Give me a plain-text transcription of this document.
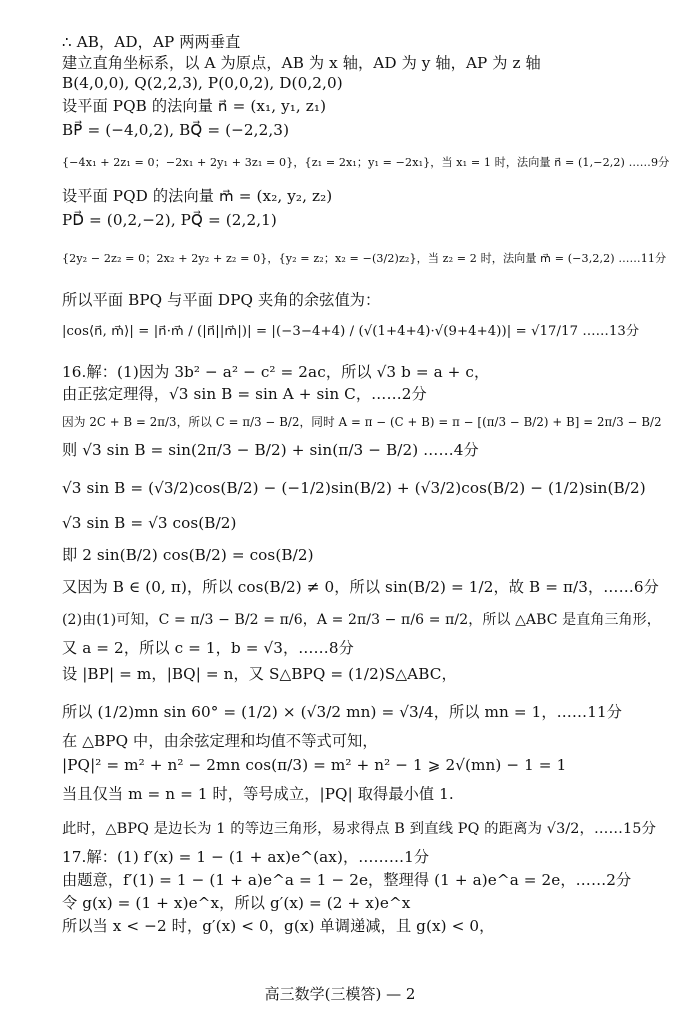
∴ AB，AD，AP 两两垂直
建立直角坐标系，以 A 为原点，AB 为 x 轴，AD 为 y 轴，AP 为 z 轴
B(4,0,0), Q(2,2,3), P(0,0,2), D(0,2,0)
设平面 PQB 的法向量 n⃗ = (x₁, y₁, z₁)
BP⃗ = (−4,0,2), BQ⃗ = (−2,2,3)
{−4x₁ + 2z₁ = 0；−2x₁ + 2y₁ + 3z₁ = 0}，{z₁ = 2x₁；y₁ = −2x₁}，当 x₁ = 1 时，法向量 n⃗ = (1,−2,2) ……9分
设平面 PQD 的法向量 m⃗ = (x₂, y₂, z₂)
PD⃗ = (0,2,−2), PQ⃗ = (2,2,1)
{2y₂ − 2z₂ = 0；2x₂ + 2y₂ + z₂ = 0}，{y₂ = z₂；x₂ = −(3/2)z₂}，当 z₂ = 2 时，法向量 m⃗ = (−3,2,2) ……11分
所以平面 BPQ 与平面 DPQ 夹角的余弦值为：
|cos⟨n⃗, m⃗⟩| = |n⃗·m⃗ / (|n⃗||m⃗|)| = |(−3−4+4) / (√(1+4+4)·√(9+4+4))| = √17/17 ……13分
16.解：(1)因为 3b² − a² − c² = 2ac，所以 √3 b = a + c，
由正弦定理得，√3 sin B = sin A + sin C，……2分
因为 2C + B = 2π/3，所以 C = π/3 − B/2，同时 A = π − (C + B) = π − [(π/3 − B/2) + B] = 2π/3 − B/2
则 √3 sin B = sin(2π/3 − B/2) + sin(π/3 − B/2) ……4分
√3 sin B = (√3/2)cos(B/2) − (−1/2)sin(B/2) + (√3/2)cos(B/2) − (1/2)sin(B/2)
√3 sin B = √3 cos(B/2)
即 2 sin(B/2) cos(B/2) = cos(B/2)
又因为 B ∈ (0, π)，所以 cos(B/2) ≠ 0，所以 sin(B/2) = 1/2，故 B = π/3，……6分
(2)由(1)可知，C = π/3 − B/2 = π/6，A = 2π/3 − π/6 = π/2，所以 △ABC 是直角三角形，
又 a = 2，所以 c = 1，b = √3，……8分
设 |BP| = m，|BQ| = n，又 S△BPQ = (1/2)S△ABC，
所以 (1/2)mn sin 60° = (1/2) × (√3/2 mn) = √3/4，所以 mn = 1，……11分
在 △BPQ 中，由余弦定理和均值不等式可知，
|PQ|² = m² + n² − 2mn cos(π/3) = m² + n² − 1 ⩾ 2√(mn) − 1 = 1
当且仅当 m = n = 1 时，等号成立，|PQ| 取得最小值 1.
此时，△BPQ 是边长为 1 的等边三角形，易求得点 B 到直线 PQ 的距离为 √3/2，……15分
17.解：(1) f′(x) = 1 − (1 + ax)e^(ax)，………1分
由题意，f′(1) = 1 − (1 + a)e^a = 1 − 2e，整理得 (1 + a)e^a = 2e，……2分
令 g(x) = (1 + x)e^x，所以 g′(x) = (2 + x)e^x
所以当 x < −2 时，g′(x) < 0，g(x) 单调递减，且 g(x) < 0，
高三数学(三模答) — 2
